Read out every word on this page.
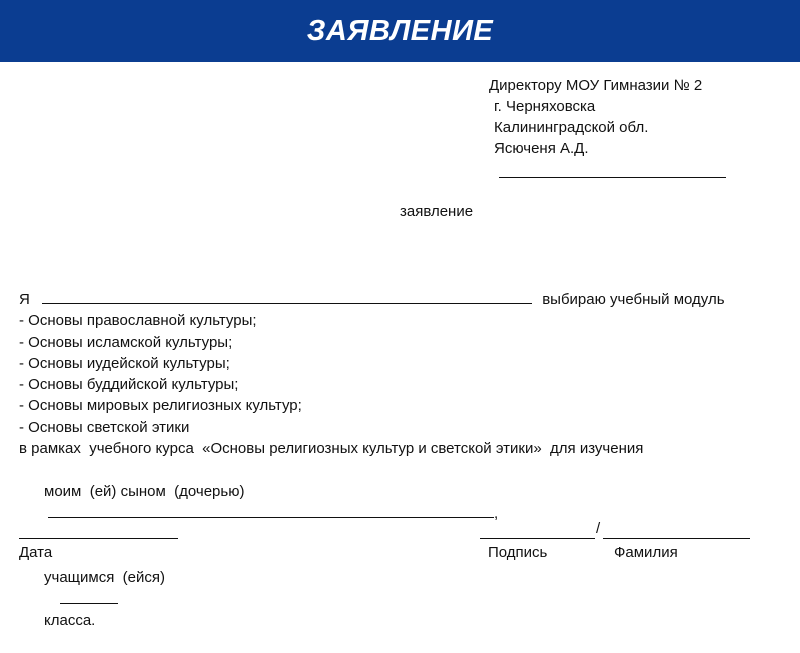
ЗАЯВЛЕНИЕ
Директору МОУ Гимназии № 2
г. Черняховска
Калининградской обл.
Ясюченя А.Д.
заявление
Я	выбираю учебный модуль
- Основы православной культуры;
- Основы исламской культуры;
- Основы иудейской культуры;
- Основы буддийской культуры;
- Основы мировых религиозных культур;
- Основы светской этики
в рамках  учебного курса  «Основы религиозных культур и светской этики»  для изучения

моим  (ей) сыном  (дочерью)
,

учащимся  (ейся)

класса.

Дата
/
Подпись	Фамилия
